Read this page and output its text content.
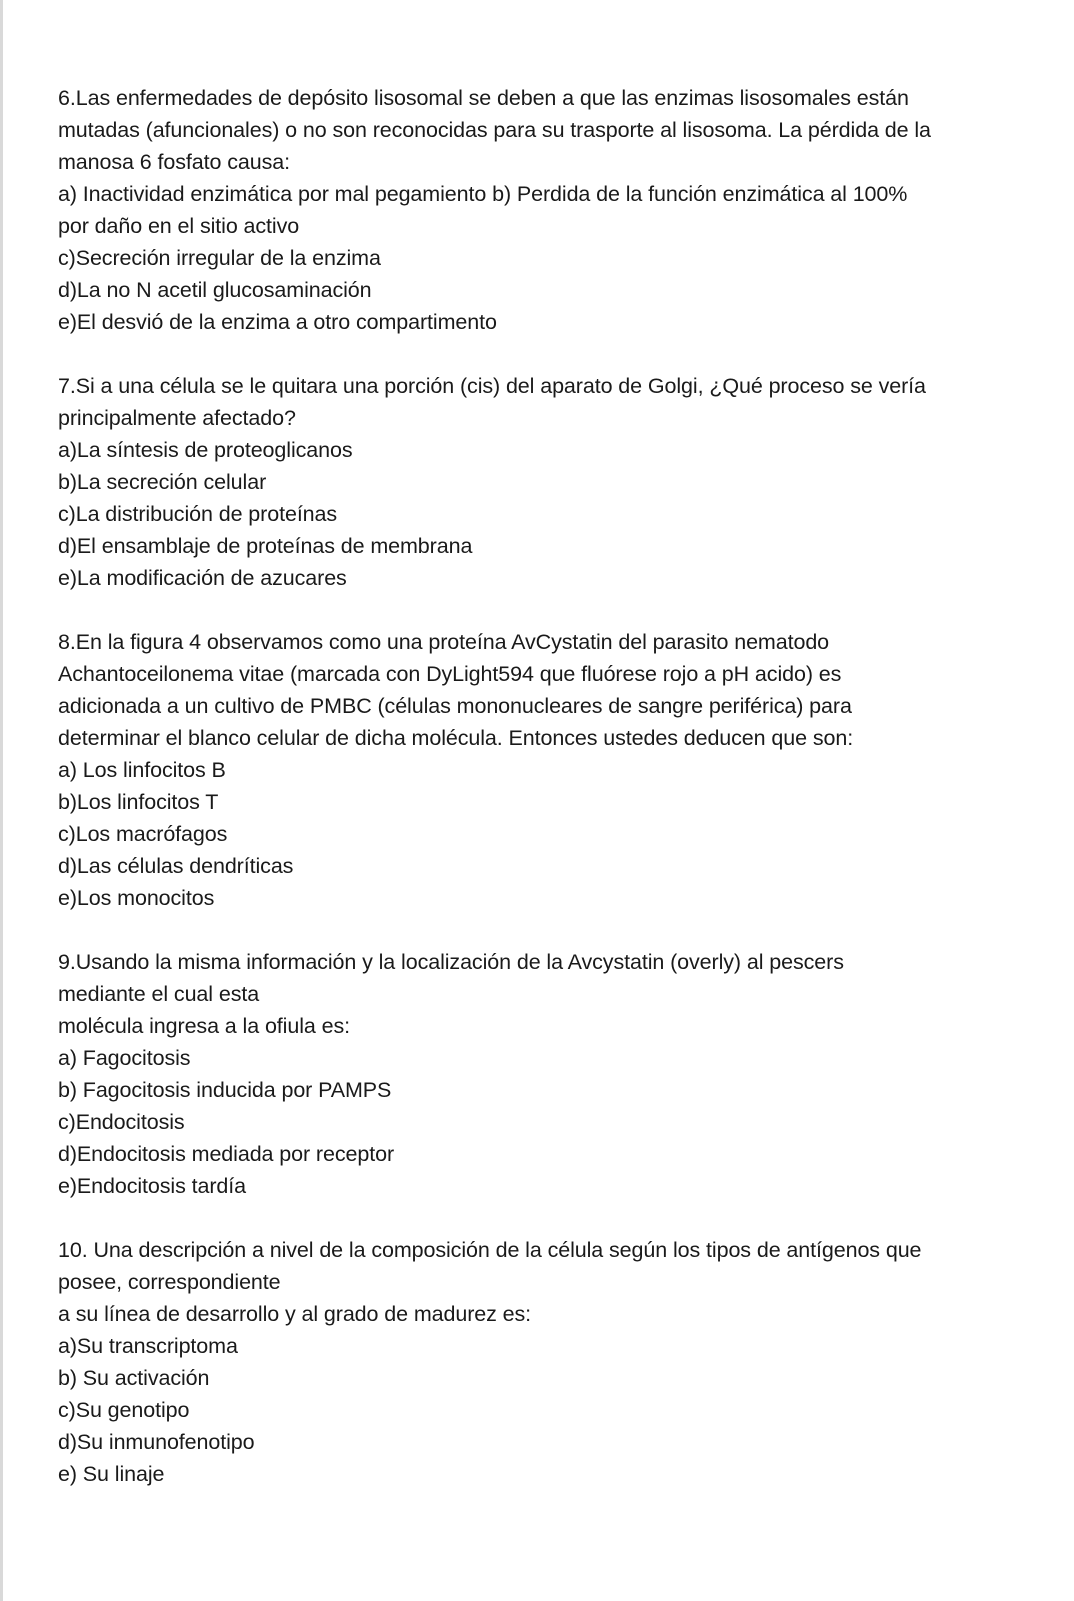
6.Las enfermedades de depósito lisosomal se deben a que las enzimas lisosomales están
mutadas (afuncionales) o no son reconocidas para su trasporte al lisosoma. La pérdida de la
manosa 6 fosfato causa:
a) Inactividad enzimática por mal pegamiento b) Perdida de la función enzimática al 100%
por daño en el sitio activo
c)Secreción irregular de la enzima
d)La no N acetil glucosaminación
e)El desvió de la enzima a otro compartimento
7.Si a una célula se le quitara una porción (cis) del aparato de Golgi, ¿Qué proceso se vería
principalmente afectado?
a)La síntesis de proteoglicanos
b)La secreción celular
c)La distribución de proteínas
d)El ensamblaje de proteínas de membrana
e)La modificación de azucares
8.En la figura 4 observamos como una proteína AvCystatin del parasito nematodo
Achantoceilonema vitae (marcada con DyLight594 que fluórese rojo a pH acido) es
adicionada a un cultivo de PMBC (células mononucleares de sangre periférica) para
determinar el blanco celular de dicha molécula. Entonces ustedes deducen que son:
a) Los linfocitos B
b)Los linfocitos T
c)Los macrófagos
d)Las células dendríticas
e)Los monocitos
9.Usando la misma información y la localización de la Avcystatin (overly) al pescers
mediante el cual esta
molécula ingresa a la ofiula es:
a) Fagocitosis
b) Fagocitosis inducida por PAMPS
c)Endocitosis
d)Endocitosis mediada por receptor
e)Endocitosis tardía
10. Una descripción a nivel de la composición de la célula según los tipos de antígenos que
posee, correspondiente
a su línea de desarrollo y al grado de madurez es:
a)Su transcriptoma
b) Su activación
c)Su genotipo
d)Su inmunofenotipo
e) Su linaje
